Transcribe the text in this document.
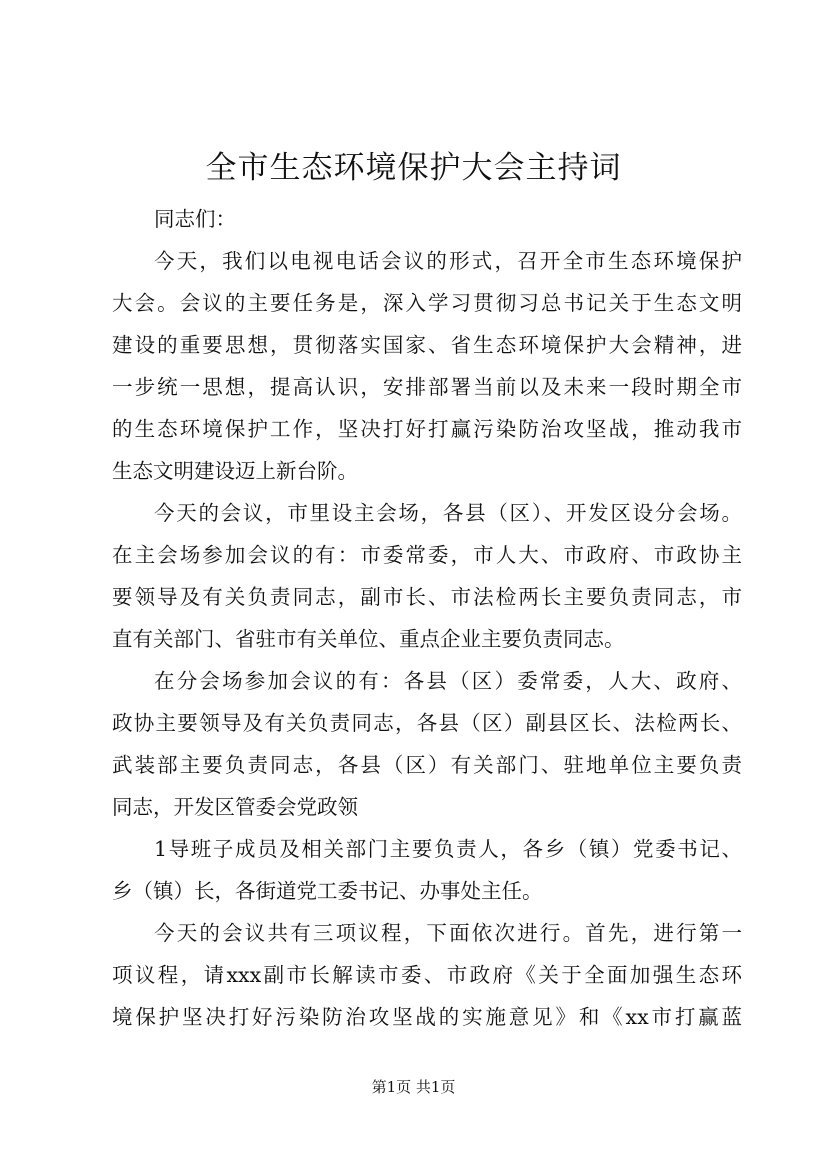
全市生态环境保护大会主持词
同志们：
今天，我们以电视电话会议的形式，召开全市生态环境保护
大会。会议的主要任务是，深入学习贯彻习总书记关于生态文明
建设的重要思想，贯彻落实国家、省生态环境保护大会精神，进
一步统一思想，提高认识，安排部署当前以及未来一段时期全市
的生态环境保护工作，坚决打好打赢污染防治攻坚战，推动我市
生态文明建设迈上新台阶。
今天的会议，市里设主会场，各县（区）、开发区设分会场。
在主会场参加会议的有：市委常委，市人大、市政府、市政协主
要领导及有关负责同志，副市长、市法检两长主要负责同志，市
直有关部门、省驻市有关单位、重点企业主要负责同志。
在分会场参加会议的有：各县（区）委常委，人大、政府、
政协主要领导及有关负责同志，各县（区）副县区长、法检两长、
武装部主要负责同志，各县（区）有关部门、驻地单位主要负责
同志，开发区管委会党政领
1导班子成员及相关部门主要负责人，各乡（镇）党委书记、
乡（镇）长，各街道党工委书记、办事处主任。
今天的会议共有三项议程，下面依次进行。首先，进行第一
项议程，请xxx副市长解读市委、市政府《关于全面加强生态环
境保护坚决打好污染防治攻坚战的实施意见》和《xx市打赢蓝
第1页 共1页
